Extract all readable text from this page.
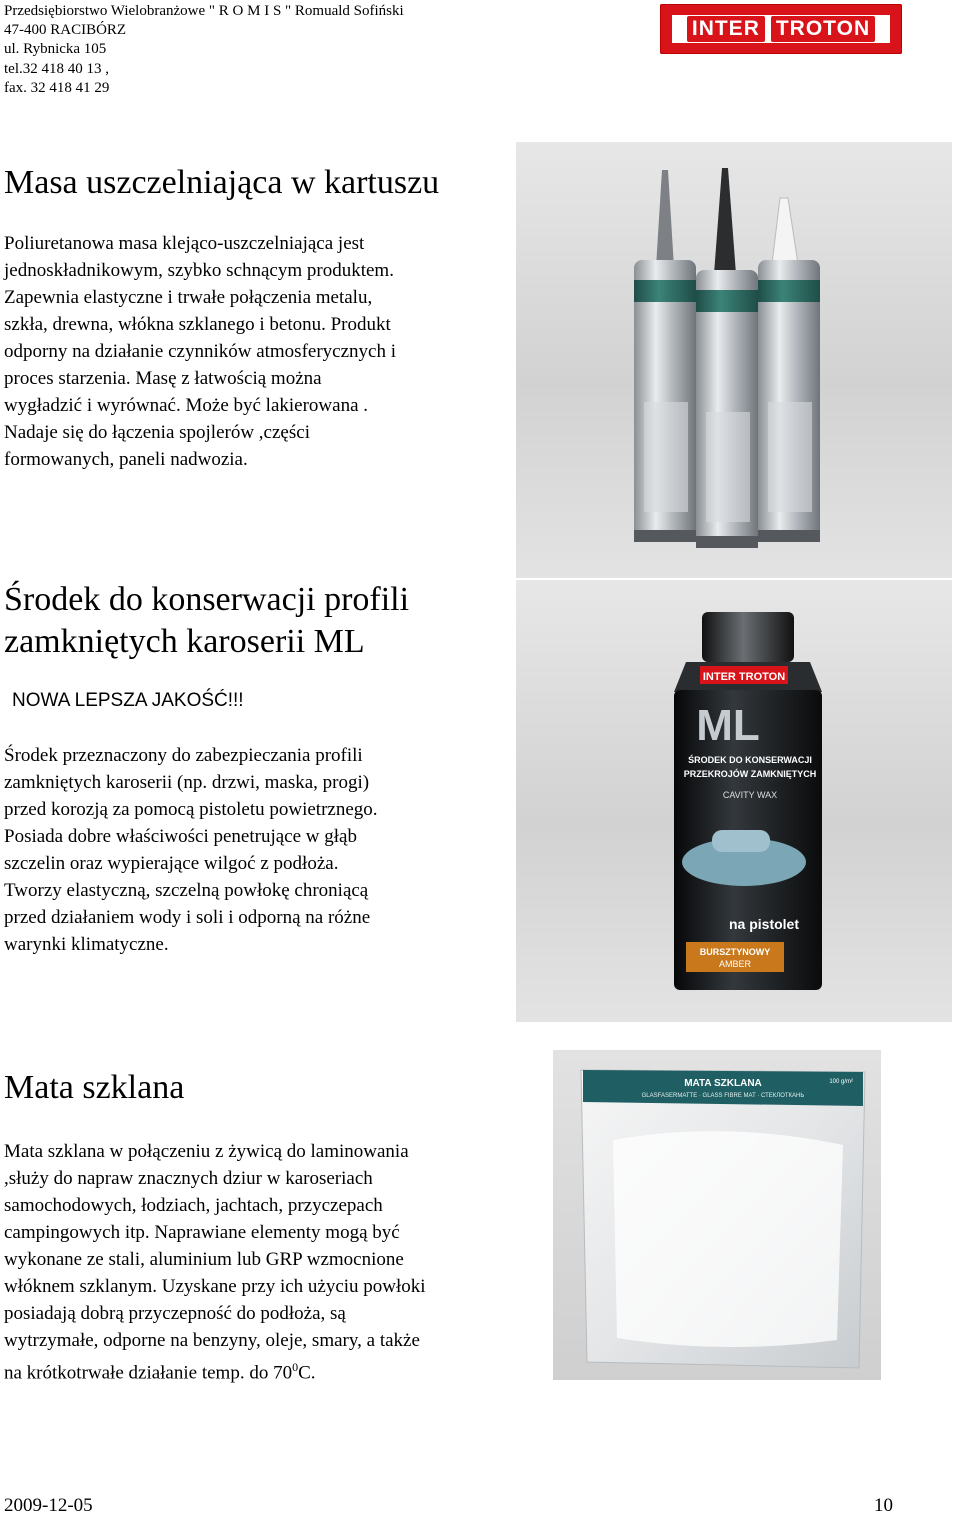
Przedsiębiorstwo Wielobranżowe " R O M I S " Romuald Sofiński
47-400 RACIBÓRZ
ul. Rybnicka 105
tel.32 418 40 13 ,
fax. 32 418 41 29
INTER TROTON
Masa uszczelniająca w kartuszu
Poliuretanowa masa klejąco-uszczelniająca jest
jednoskładnikowym, szybko schnącym produktem.
Zapewnia elastyczne i trwałe połączenia metalu,
szkła, drewna, włókna szklanego i betonu. Produkt
odporny na działanie czynników atmosferycznych i
proces starzenia. Masę z łatwością można
wygładzić i wyrównać. Może być lakierowana .
Nadaje się do łączenia spojlerów ,części
formowanych, paneli nadwozia.
Środek do konserwacji profili
zamkniętych karoserii ML
NOWA LEPSZA JAKOŚĆ!!!
Środek przeznaczony do zabezpieczania profili
zamkniętych karoserii (np. drzwi, maska, progi)
przed korozją za pomocą pistoletu powietrznego.
Posiada dobre właściwości penetrujące w głąb
szczelin oraz wypierające wilgoć z podłoża.
Tworzy elastyczną, szczelną powłokę chroniącą
przed działaniem wody i soli i odporną na różne
warynki klimatyczne.
INTER TROTON
ML
ŚRODEK DO KONSERWACJI
PRZEKROJÓW ZAMKNIĘTYCH
CAVITY WAX
na pistolet
BURSZTYNOWY
AMBER
Mata szklana
Mata szklana w połączeniu z żywicą do laminowania
,służy do napraw znacznych dziur w karoseriach
samochodowych, łodziach, jachtach, przyczepach
campingowych itp. Naprawiane elementy mogą być
wykonane ze stali, aluminium lub GRP wzmocnione
włóknem szklanym. Uzyskane przy ich użyciu powłoki
posiadają dobrą przyczepność do podłoża, są
wytrzymałe, odporne na benzyny, oleje, smary, a także
na krótkotrwałe działanie temp. do $70^0C$.
MATA SZKLANA
GLASFASERMATTE · GLASS FIBRE MAT · СТЕКЛОТКАНЬ
100 g/m²
2009-12-05	10
